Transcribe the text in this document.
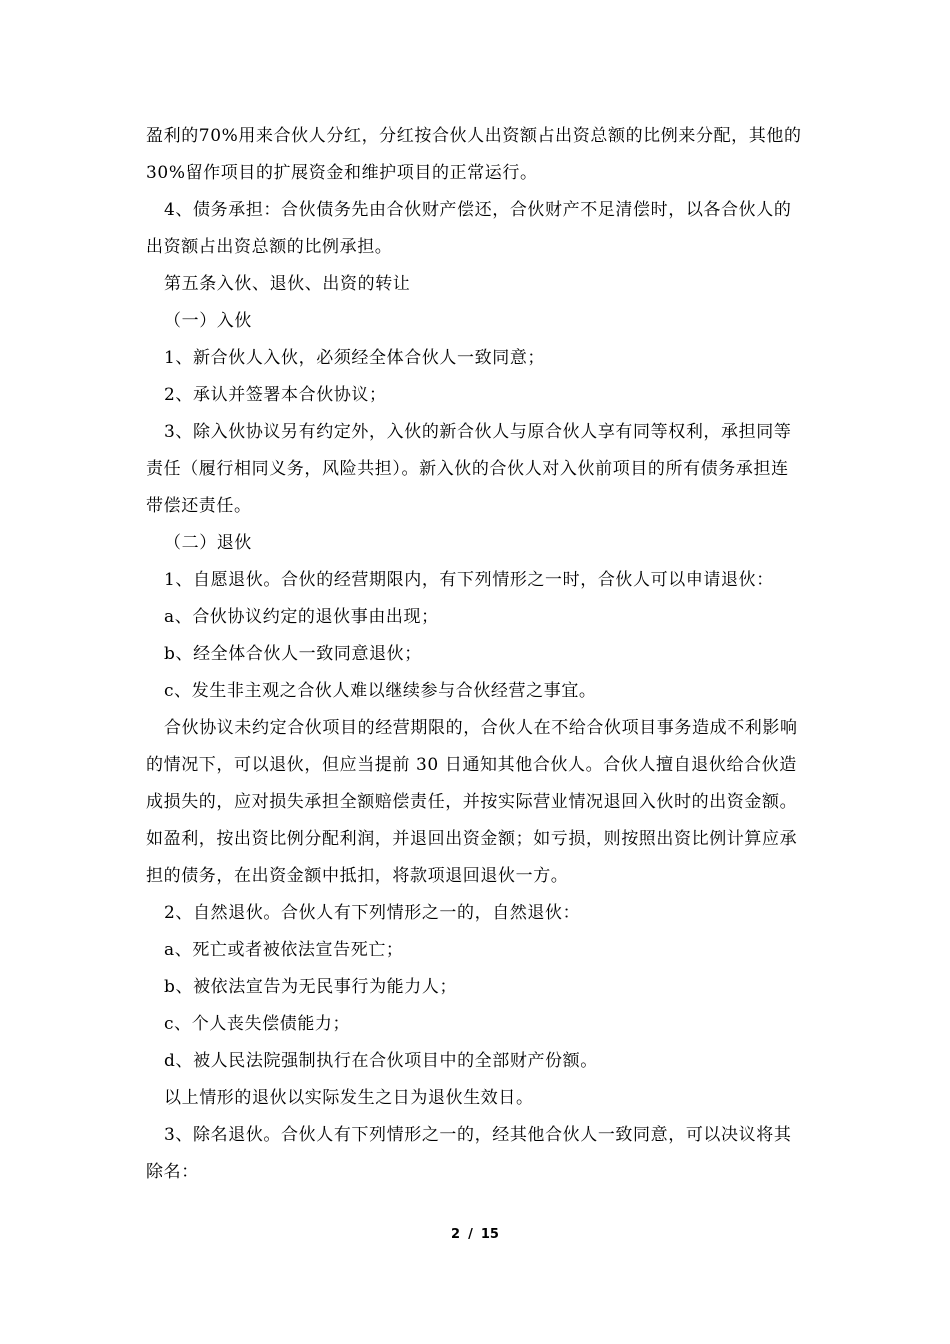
盈利的70%用来合伙人分红，分红按合伙人出资额占出资总额的比例来分配，其他的30%留作项目的扩展资金和维护项目的正常运行。

4、债务承担：合伙债务先由合伙财产偿还，合伙财产不足清偿时，以各合伙人的出资额占出资总额的比例承担。

第五条入伙、退伙、出资的转让

（一）入伙

1、新合伙人入伙，必须经全体合伙人一致同意；

2、承认并签署本合伙协议；

3、除入伙协议另有约定外，入伙的新合伙人与原合伙人享有同等权利，承担同等责任（履行相同义务，风险共担）。新入伙的合伙人对入伙前项目的所有债务承担连带偿还责任。

（二）退伙

1、自愿退伙。合伙的经营期限内，有下列情形之一时，合伙人可以申请退伙：

a、合伙协议约定的退伙事由出现；

b、经全体合伙人一致同意退伙；

c、发生非主观之合伙人难以继续参与合伙经营之事宜。

合伙协议未约定合伙项目的经营期限的，合伙人在不给合伙项目事务造成不利影响的情况下，可以退伙，但应当提前 30 日通知其他合伙人。合伙人擅自退伙给合伙造成损失的，应对损失承担全额赔偿责任，并按实际营业情况退回入伙时的出资金额。如盈利，按出资比例分配利润，并退回出资金额；如亏损，则按照出资比例计算应承担的债务，在出资金额中抵扣，将款项退回退伙一方。

2、自然退伙。合伙人有下列情形之一的，自然退伙：

a、死亡或者被依法宣告死亡；

b、被依法宣告为无民事行为能力人；

c、个人丧失偿债能力；

d、被人民法院强制执行在合伙项目中的全部财产份额。

以上情形的退伙以实际发生之日为退伙生效日。

3、除名退伙。合伙人有下列情形之一的，经其他合伙人一致同意，可以决议将其除名：

2 / 15
